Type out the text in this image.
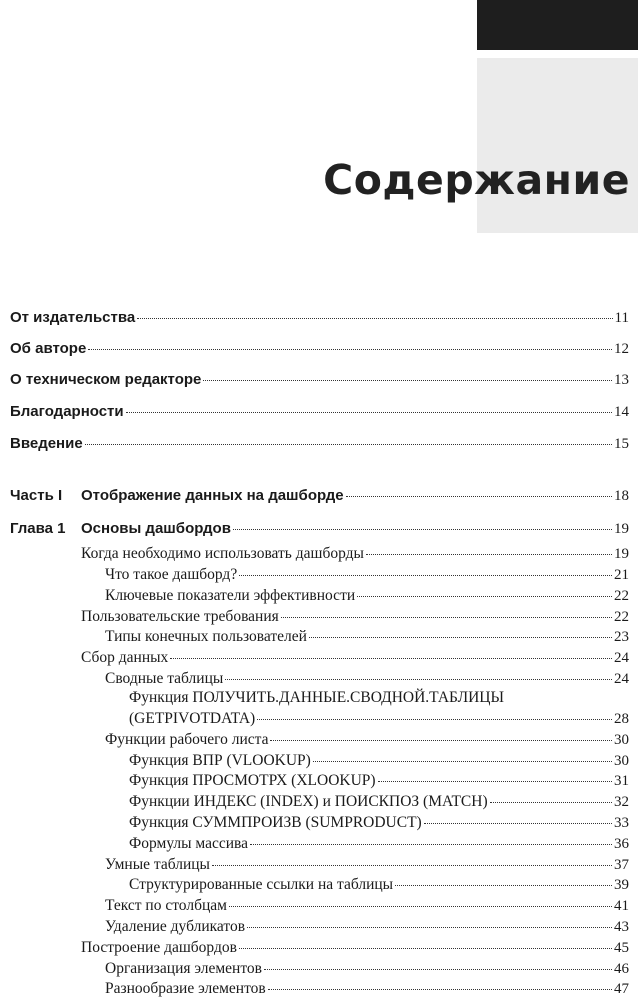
Содержание
От издательства	11
Об авторе	12
О техническом редакторе	13
Благодарности	14
Введение	15
Часть I	Отображение данных на дашборде	18
Глава 1	Основы дашбордов	19
Когда необходимо использовать дашборды	19
Что такое дашборд?	21
Ключевые показатели эффективности	22
Пользовательские требования	22
Типы конечных пользователей	23
Сбор данных	24
Сводные таблицы	24
Функция ПОЛУЧИТЬ.ДАННЫЕ.СВОДНОЙ.ТАБЛИЦЫ
(GETPIVOTDATA)	28
Функции рабочего листа	30
Функция ВПР (VLOOKUP)	30
Функция ПРОСМОТРХ (XLOOKUP)	31
Функции ИНДЕКС (INDEX) и ПОИСКПОЗ (MATCH)	32
Функция СУММПРОИЗВ (SUMPRODUCT)	33
Формулы массива	36
Умные таблицы	37
Структурированные ссылки на таблицы	39
Текст по столбцам	41
Удаление дубликатов	43
Построение дашбордов	45
Организация элементов	46
Разнообразие элементов	47
